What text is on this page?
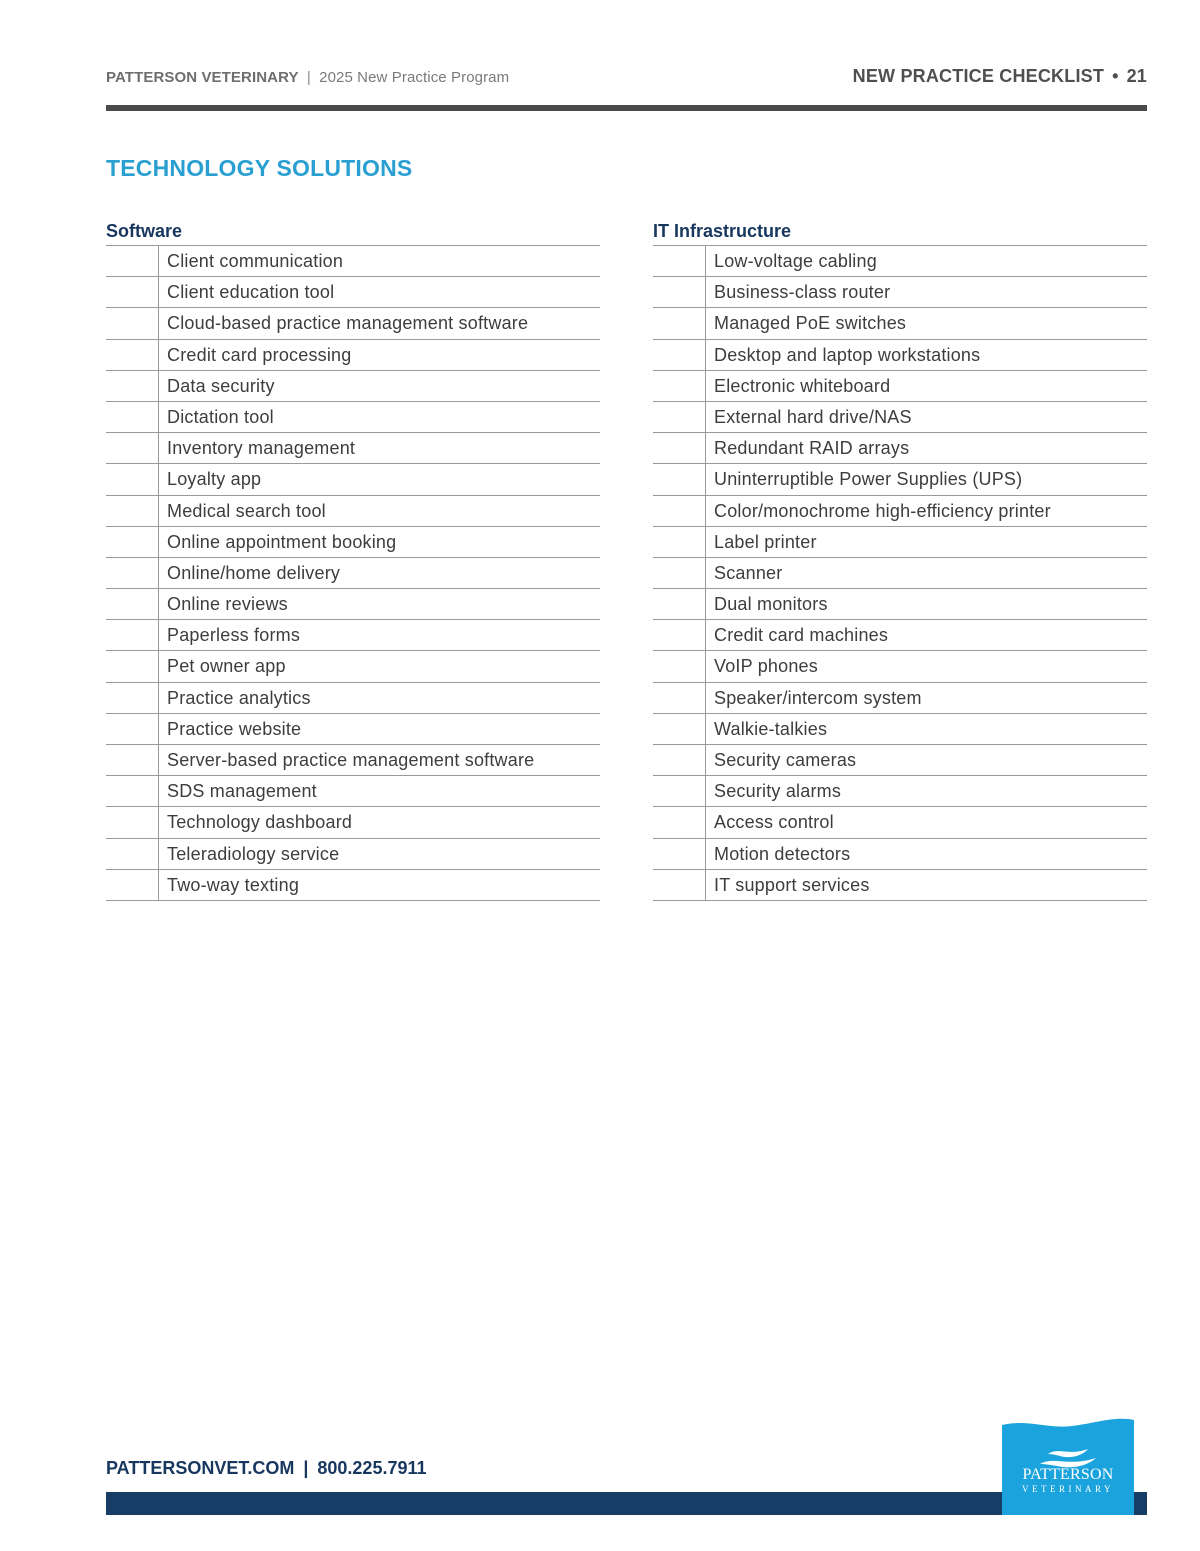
PATTERSON VETERINARY | 2025 New Practice Program	NEW PRACTICE CHECKLIST • 21
TECHNOLOGY SOLUTIONS
Software
Client communication
Client education tool
Cloud-based practice management software
Credit card processing
Data security
Dictation tool
Inventory management
Loyalty app
Medical search tool
Online appointment booking
Online/home delivery
Online reviews
Paperless forms
Pet owner app
Practice analytics
Practice website
Server-based practice management software
SDS management
Technology dashboard
Teleradiology service
Two-way texting
IT Infrastructure
Low-voltage cabling
Business-class router
Managed PoE switches
Desktop and laptop workstations
Electronic whiteboard
External hard drive/NAS
Redundant RAID arrays
Uninterruptible Power Supplies (UPS)
Color/monochrome high-efficiency printer
Label printer
Scanner
Dual monitors
Credit card machines
VoIP phones
Speaker/intercom system
Walkie-talkies
Security cameras
Security alarms
Access control
Motion detectors
IT support services
PATTERSONVET.COM | 800.225.7911	PATTERSON
VETERINARY
